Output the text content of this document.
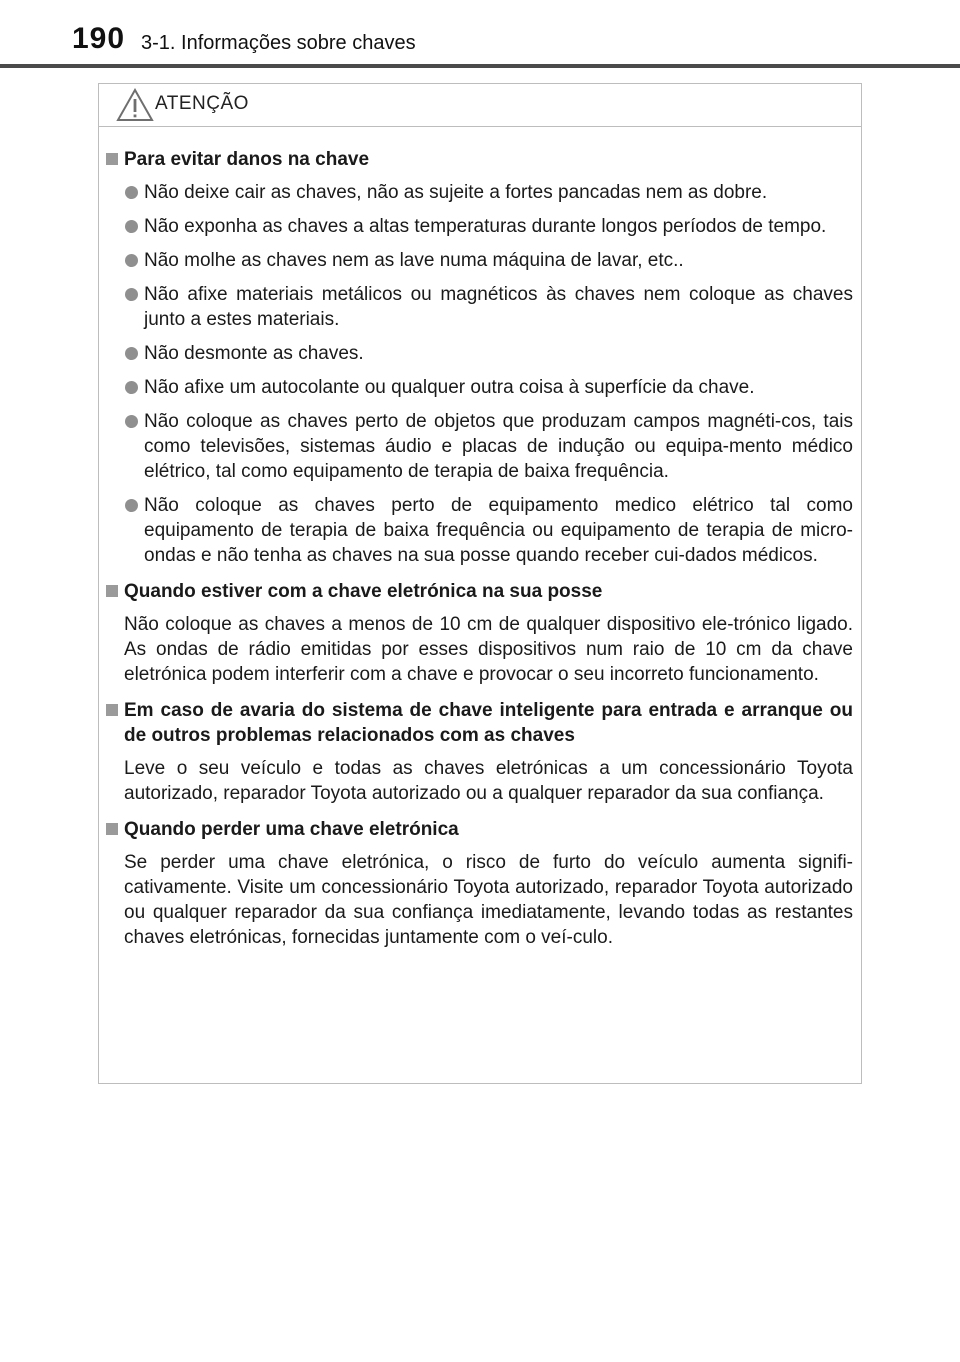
190 3-1. Informações sobre chaves
ATENÇÃO
Para evitar danos na chave
Não deixe cair as chaves, não as sujeite a fortes pancadas nem as dobre.
Não exponha as chaves a altas temperaturas durante longos períodos de tempo.
Não molhe as chaves nem as lave numa máquina de lavar, etc..
Não afixe materiais metálicos ou magnéticos às chaves nem coloque as chaves junto a estes materiais.
Não desmonte as chaves.
Não afixe um autocolante ou qualquer outra coisa à superfície da chave.
Não coloque as chaves perto de objetos que produzam campos magnéti-cos, tais como televisões, sistemas áudio e placas de indução ou equipa-mento médico elétrico, tal como equipamento de terapia de baixa frequência.
Não coloque as chaves perto de equipamento medico elétrico tal como equipamento de terapia de baixa frequência ou equipamento de terapia de micro-ondas e não tenha as chaves na sua posse quando receber cui-dados médicos.
Quando estiver com a chave eletrónica na sua posse
Não coloque as chaves a menos de 10 cm de qualquer dispositivo ele-trónico ligado. As ondas de rádio emitidas por esses dispositivos num raio de 10 cm da chave eletrónica podem interferir com a chave e provocar o seu incorreto funcionamento.
Em caso de avaria do sistema de chave inteligente para entrada e arranque ou de outros problemas relacionados com as chaves
Leve o seu veículo e todas as chaves eletrónicas a um concessionário Toyota autorizado, reparador Toyota autorizado ou a qualquer reparador da sua confiança.
Quando perder uma chave eletrónica
Se perder uma chave eletrónica, o risco de furto do veículo aumenta signifi-cativamente. Visite um concessionário Toyota autorizado, reparador Toyota autorizado ou qualquer reparador da sua confiança imediatamente, levando todas as restantes chaves eletrónicas, fornecidas juntamente com o veí-culo.
